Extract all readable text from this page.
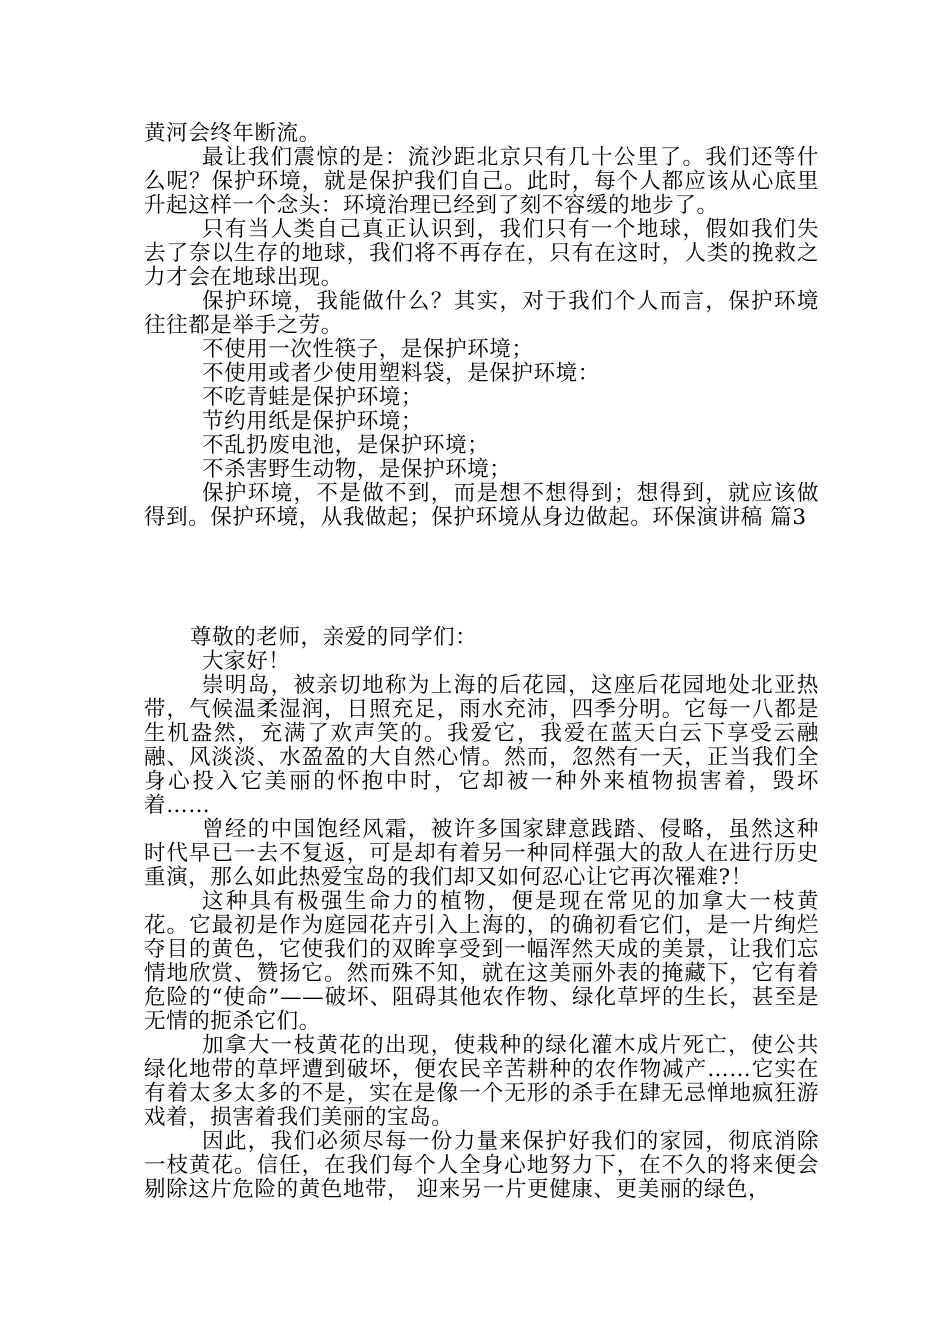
黄河会终年断流。

最让我们震惊的是：流沙距北京只有几十公里了。我们还等什么呢？保护环境，就是保护我们自己。此时，每个人都应该从心底里升起这样一个念头：环境治理已经到了刻不容缓的地步了。

只有当人类自己真正认识到，我们只有一个地球，假如我们失去了奈以生存的地球，我们将不再存在，只有在这时，人类的挽救之力才会在地球出现。

保护环境，我能做什么？其实，对于我们个人而言，保护环境往往都是举手之劳。

不使用一次性筷子，是保护环境；

不使用或者少使用塑料袋，是保护环境：

不吃青蛙是保护环境；

节约用纸是保护环境；

不乱扔废电池，是保护环境；

不杀害野生动物，是保护环境；

保护环境，不是做不到，而是想不想得到；想得到，就应该做得到。保护环境，从我做起；保护环境从身边做起。环保演讲稿 篇3

尊敬的老师，亲爱的同学们：

大家好！

崇明岛，被亲切地称为上海的后花园，这座后花园地处北亚热带，气候温柔湿润，日照充足，雨水充沛，四季分明。它每一八都是生机盎然，充满了欢声笑的。我爱它，我爱在蓝天白云下享受云融融、风淡淡、水盈盈的大自然心情。然而，忽然有一天，正当我们全身心投入它美丽的怀抱中时，它却被一种外来植物损害着，毁坏着……

曾经的中国饱经风霜，被许多国家肆意践踏、侵略，虽然这种时代早已一去不复返，可是却有着另一种同样强大的敌人在进行历史重演，那么如此热爱宝岛的我们却又如何忍心让它再次罹难?！

这种具有极强生命力的植物，便是现在常见的加拿大一枝黄花。它最初是作为庭园花卉引入上海的，的确初看它们，是一片绚烂夺目的黄色，它使我们的双眸享受到一幅浑然天成的美景，让我们忘情地欣赏、赞扬它。然而殊不知，就在这美丽外表的掩藏下，它有着危险的“使命”——破坏、阻碍其他农作物、绿化草坪的生长，甚至是无情的扼杀它们。

加拿大一枝黄花的出现，使栽种的绿化灌木成片死亡，使公共绿化地带的草坪遭到破坏，便农民辛苦耕种的农作物减产……它实在有着太多太多的不是，实在是像一个无形的杀手在肆无忌惮地疯狂游戏着，损害着我们美丽的宝岛。

因此，我们必须尽每一份力量来保护好我们的家园，彻底消除一枝黄花。信任，在我们每个人全身心地努力下，在不久的将来便会剔除这片危险的黄色地带， 迎来另一片更健康、更美丽的绿色，
